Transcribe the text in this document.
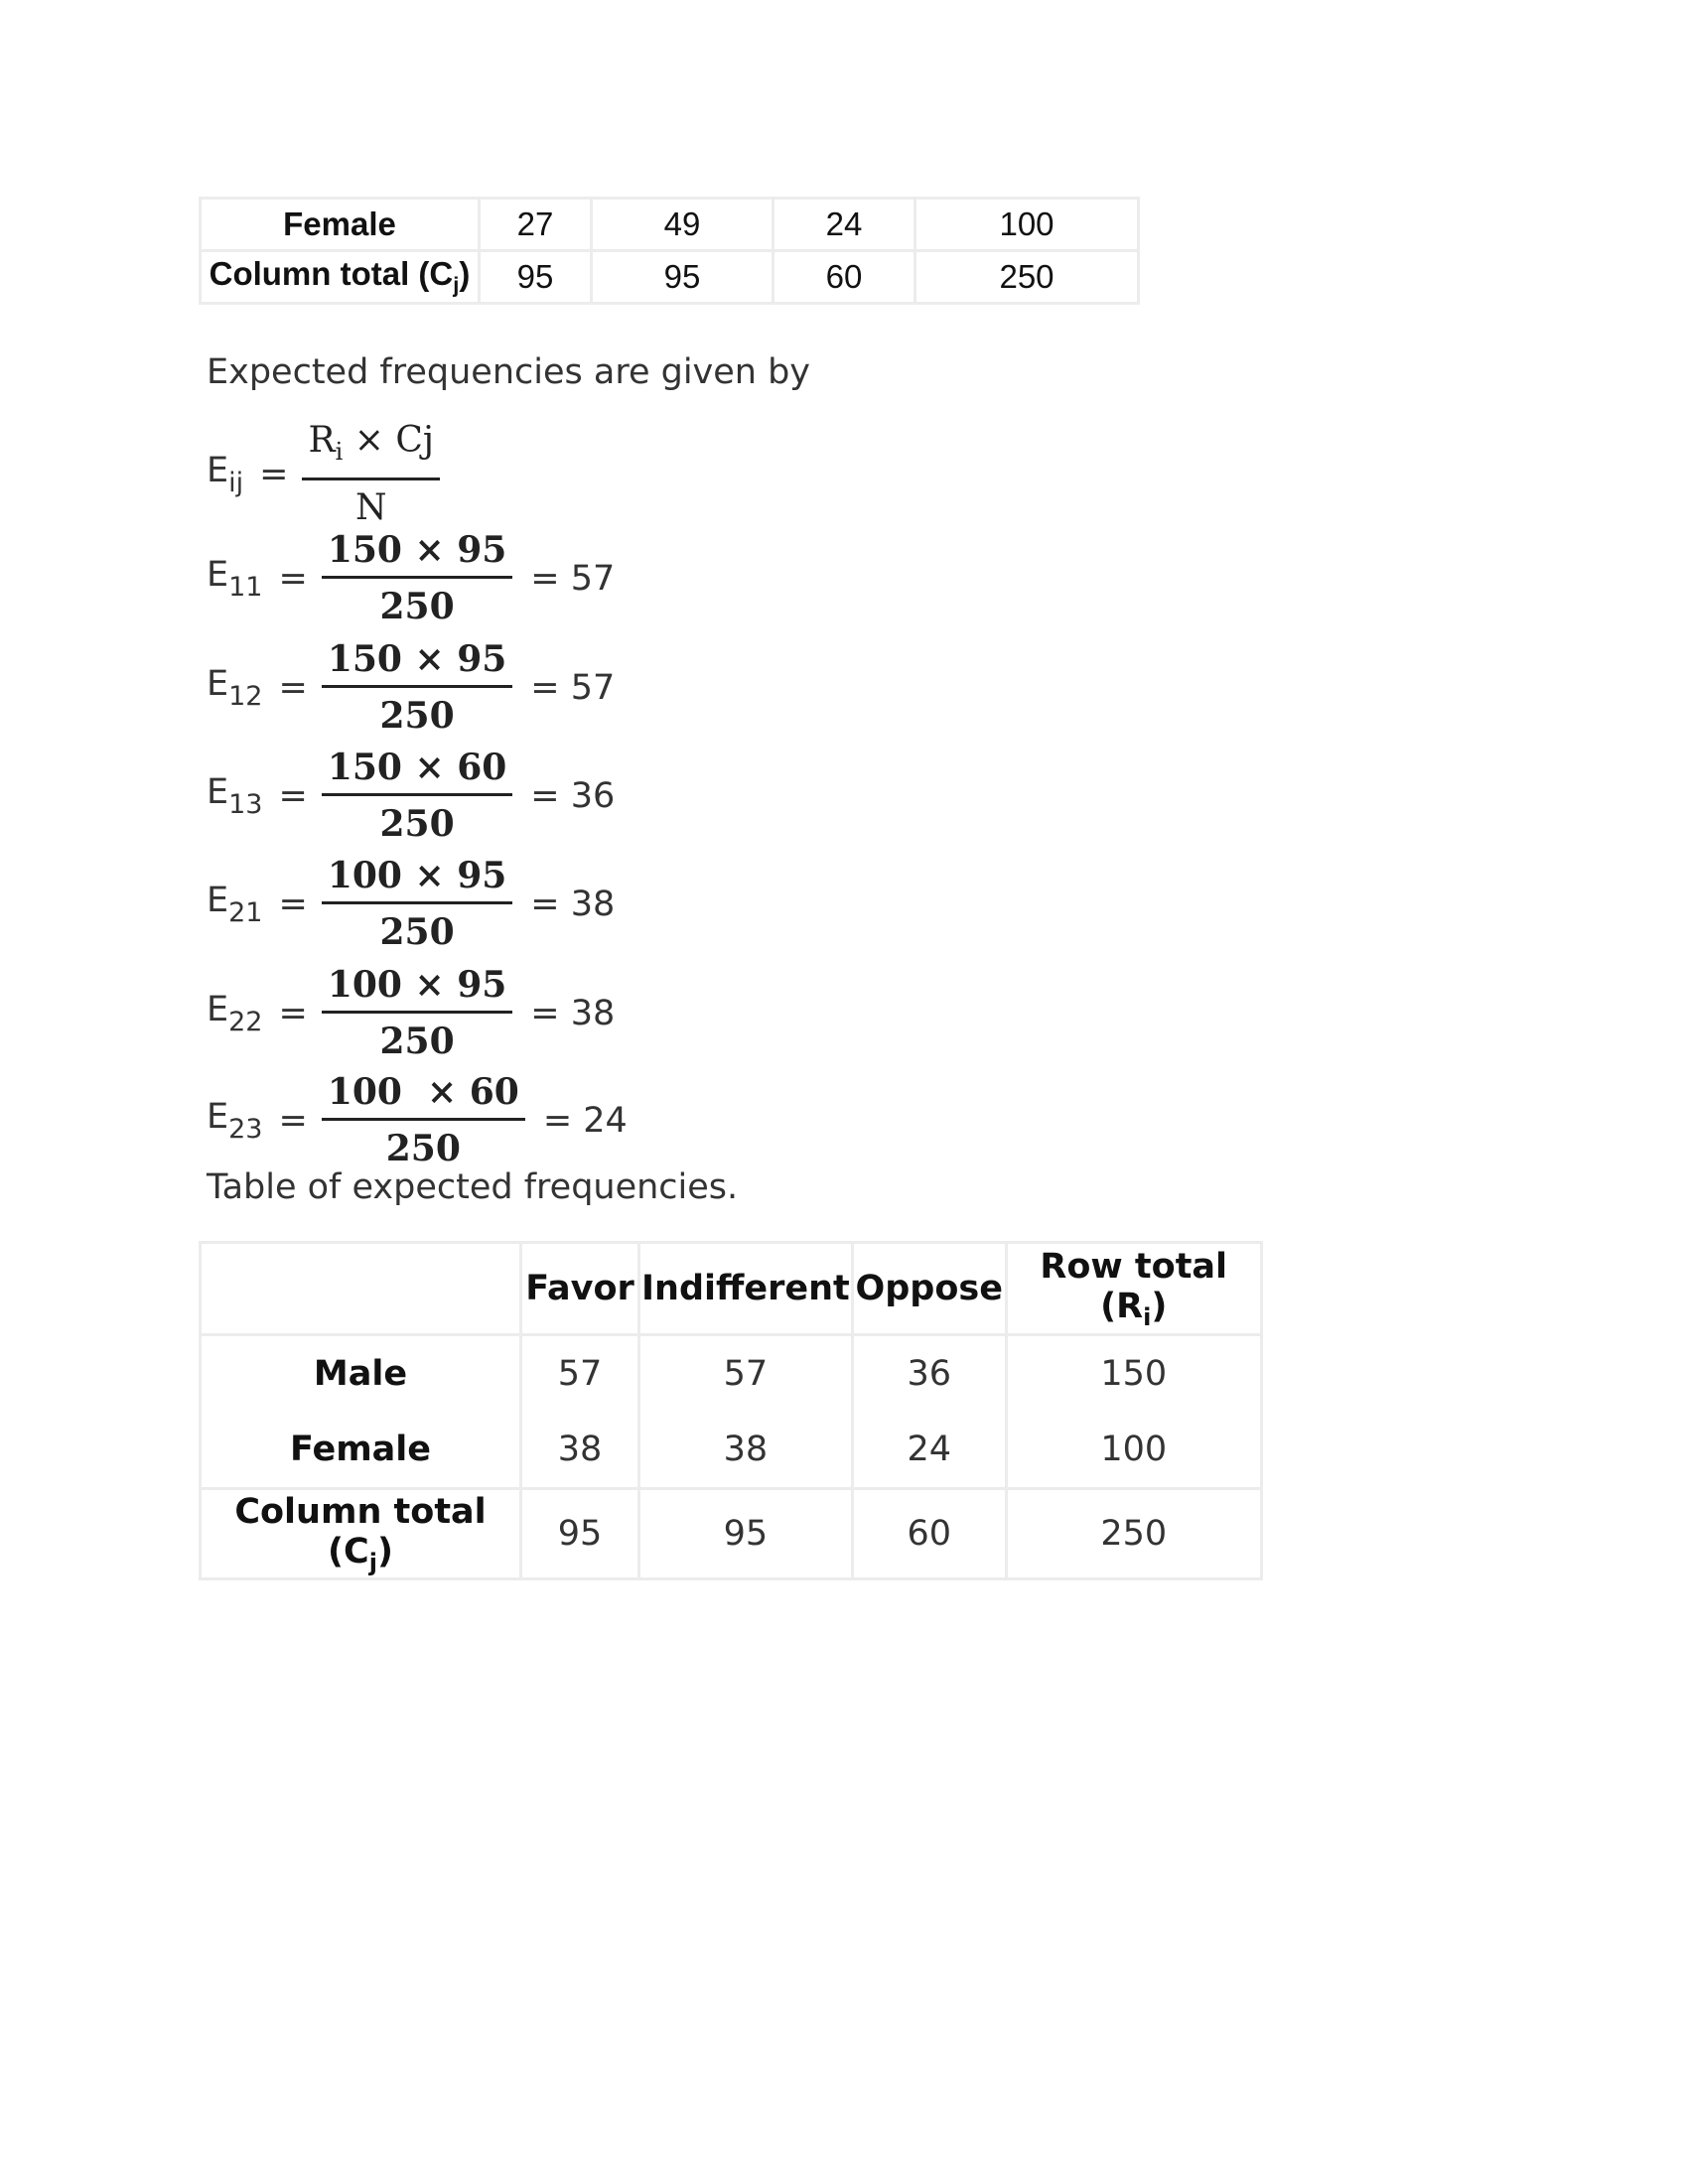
Female	27	49	24	100
Column total $(C_j)$	95	95	60	250
Expected frequencies are given by
$E_{ij} = \frac{R_i \times Cj}{N}$
$E_{11} = \frac{150 \times 95}{250} = 57$
$E_{12} = \frac{150 \times 95}{250} = 57$
$E_{13} = \frac{150 \times 60}{250} = 36$
$E_{21} = \frac{100 \times 95}{250} = 38$
$E_{22} = \frac{100 \times 95}{250} = 38$
$E_{23} = \frac{100 \times 60}{250} = 24$
Table of expected frequencies.
	Favor	Indifferent	Oppose	Row total $(R_i)$
Male	57	57	36	150
Female	38	38	24	100
Column total $(C_j)$	95	95	60	250
